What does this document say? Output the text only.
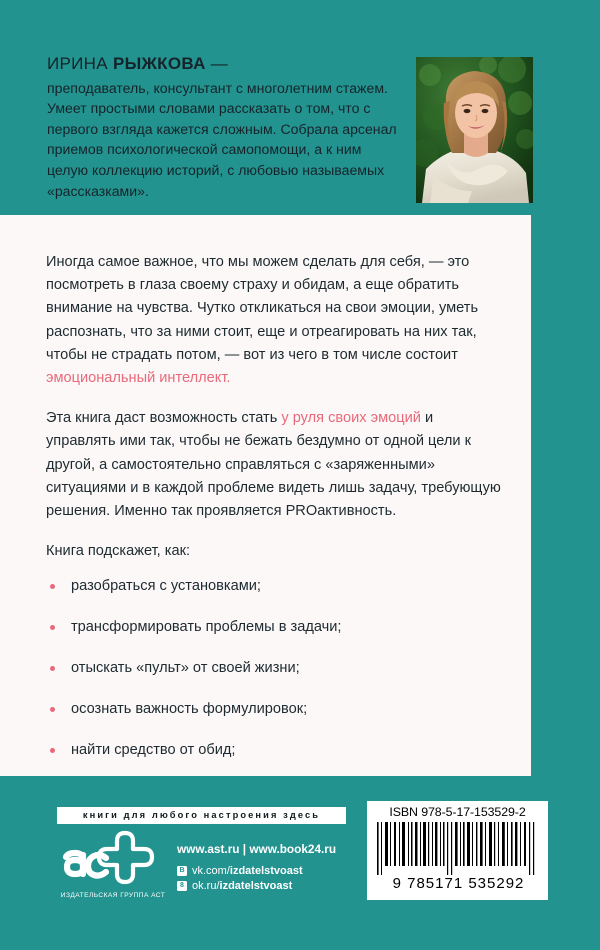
ИРИНА РЫЖКОВА —
преподаватель, консультант с многолетним стажем. Умеет простыми словами рассказать о том, что с первого взгляда кажется сложным. Собрала арсенал приемов психологической самопомощи, а к ним целую коллекцию историй, с любовью называемых «рассказками».

Иногда самое важное, что мы можем сделать для себя, — это посмотреть в глаза своему страху и обидам, а еще обратить внимание на чувства. Чутко откликаться на свои эмоции, уметь распознать, что за ними стоит, еще и отреагировать на них так, чтобы не страдать потом, — вот из чего в том числе состоит эмоциональный интеллект.

Эта книга даст возможность стать у руля своих эмоций и управлять ими так, чтобы не бежать бездумно от одной цели к другой, а самостоятельно справляться с «заряженными» ситуациями и в каждой проблеме видеть лишь задачу, требующую решения. Именно так проявляется PROактивность.

Книга подскажет, как:

разобраться с установками;
трансформировать проблемы в задачи;
отыскать «пульт» от своей жизни;
осознать важность формулировок;
найти средство от обид;
книги для любого настроения здесь
ИЗДАТЕЛЬСКАЯ ГРУППА АСТ
www.ast.ru | www.book24.ru
B vk.com/izdatelstvoast
8 ok.ru/izdatelstvoast
ISBN 978-5-17-153529-2
9 785171 535292
